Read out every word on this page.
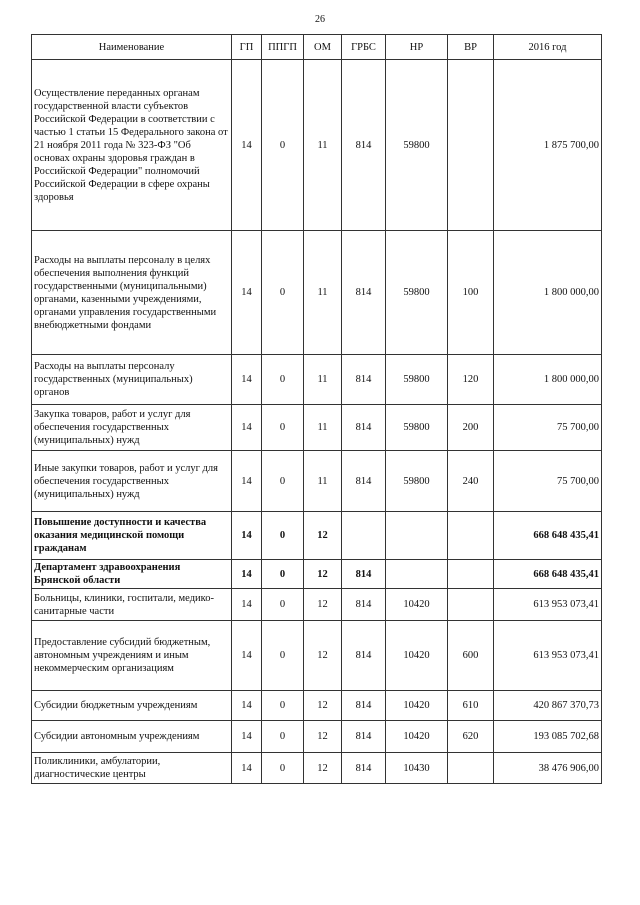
26
Наименование	ГП	ППГП	ОМ	ГРБС	НР	ВР	2016 год
Осуществление переданных органам государственной власти субъектов Российской Федерации в соответствии с частью 1 статьи 15 Федерального закона от 21 ноября 2011 года № 323-ФЗ "Об основах охраны здоровья граждан в Российской Федерации" полномочий Российской Федерации в сфере охраны здоровья	14	0	11	814	59800		1 875 700,00
Расходы на выплаты персоналу в целях обеспечения выполнения функций государственными (муниципальными) органами, казенными учреждениями, органами управления государственными внебюджетными фондами	14	0	11	814	59800	100	1 800 000,00
Расходы на выплаты персоналу государственных (муниципальных) органов	14	0	11	814	59800	120	1 800 000,00
Закупка товаров, работ и услуг для обеспечения государственных (муниципальных) нужд	14	0	11	814	59800	200	75 700,00
Иные закупки товаров, работ и услуг для обеспечения государственных (муниципальных) нужд	14	0	11	814	59800	240	75 700,00
Повышение доступности и качества оказания медицинской помощи гражданам	14	0	12				668 648 435,41
Департамент здравоохранения Брянской области	14	0	12	814			668 648 435,41
Больницы, клиники, госпитали, медико-санитарные части	14	0	12	814	10420		613 953 073,41
Предоставление субсидий бюджетным, автономным учреждениям и иным некоммерческим организациям	14	0	12	814	10420	600	613 953 073,41
Субсидии бюджетным учреждениям	14	0	12	814	10420	610	420 867 370,73
Субсидии автономным учреждениям	14	0	12	814	10420	620	193 085 702,68
Поликлиники, амбулатории, диагностические центры	14	0	12	814	10430		38 476 906,00
